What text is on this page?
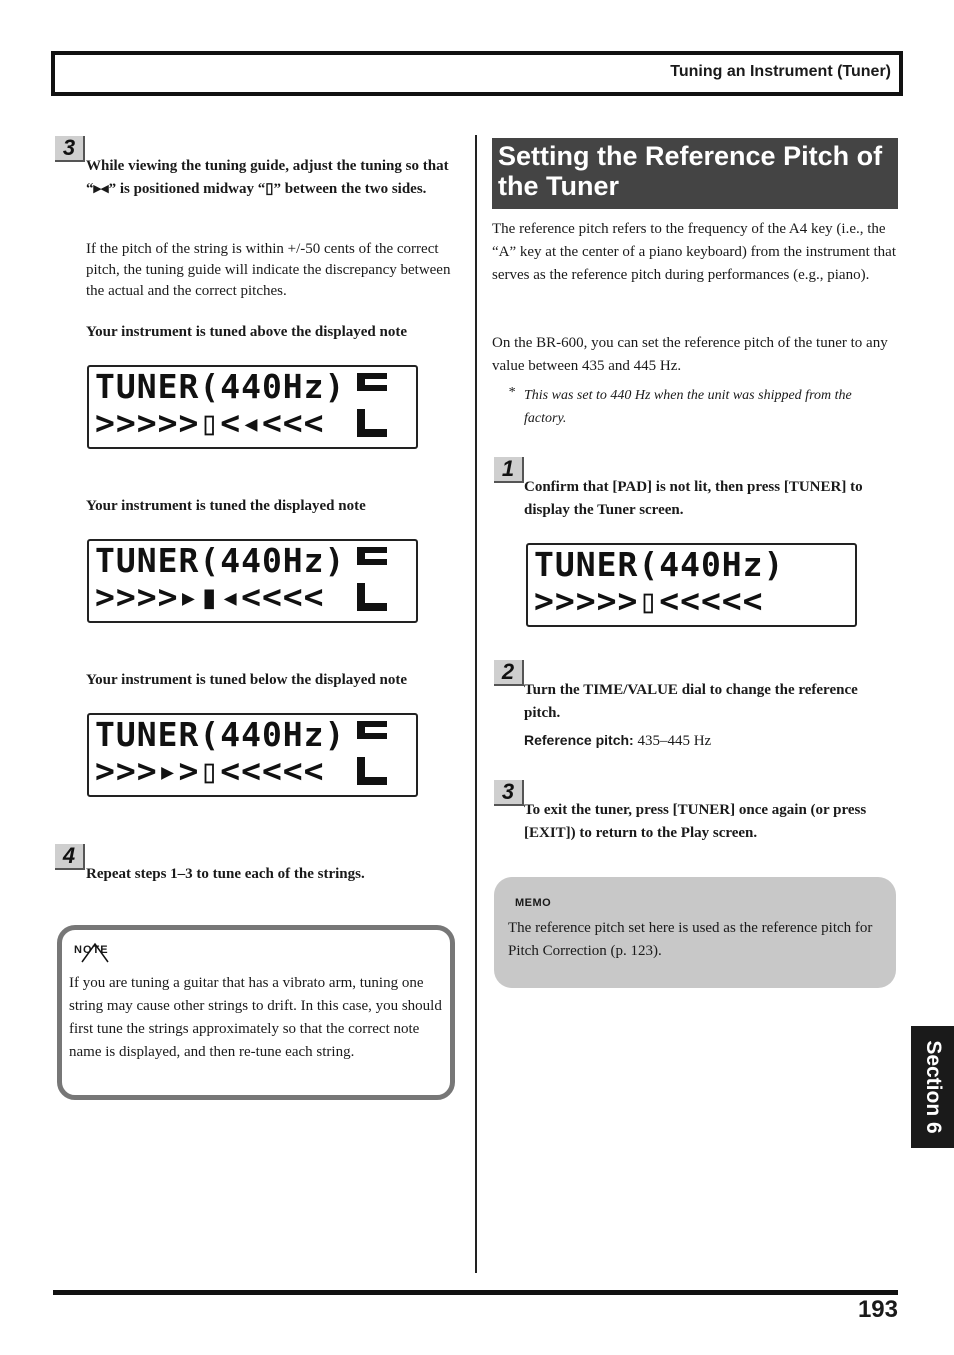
Tuning an Instrument (Tuner)
3
While viewing the tuning guide, adjust the tuning so that “▸◂” is positioned midway “▯” between the two sides.
If the pitch of the string is within +/-50 cents of the correct pitch, the tuning guide will indicate the discrepancy between the actual and the correct pitches.
Your instrument is tuned above the displayed note
TUNER(440Hz)
>>>>>▯<◂<<<
Your instrument is tuned the displayed note
TUNER(440Hz)
>>>>▸▮◂<<<<
Your instrument is tuned below the displayed note
TUNER(440Hz)
>>>▸>▯<<<<<
4
Repeat steps 1–3 to tune each of the strings.
NOTE
If you are tuning a guitar that has a vibrato arm, tuning one string may cause other strings to drift. In this case, you should first tune the strings approximately so that the correct note name is displayed, and then re-tune each string.
Setting the Reference Pitch of the Tuner
The reference pitch refers to the frequency of the A4 key (i.e., the “A” key at the center of a piano keyboard) from the instrument that serves as the reference pitch during performances (e.g., piano).
On the BR-600, you can set the reference pitch of the tuner to any value between 435 and 445 Hz.
* This was set to 440 Hz when the unit was shipped from the factory.
1
Confirm that [PAD] is not lit, then press [TUNER] to display the Tuner screen.
TUNER(440Hz)
>>>>>▯<<<<<
2
Turn the TIME/VALUE dial to change the reference pitch.
Reference pitch: 435–445 Hz
3
To exit the tuner, press [TUNER] once again (or press [EXIT]) to return to the Play screen.
MEMO
The reference pitch set here is used as the reference pitch for Pitch Correction (p. 123).
193
Section 6
